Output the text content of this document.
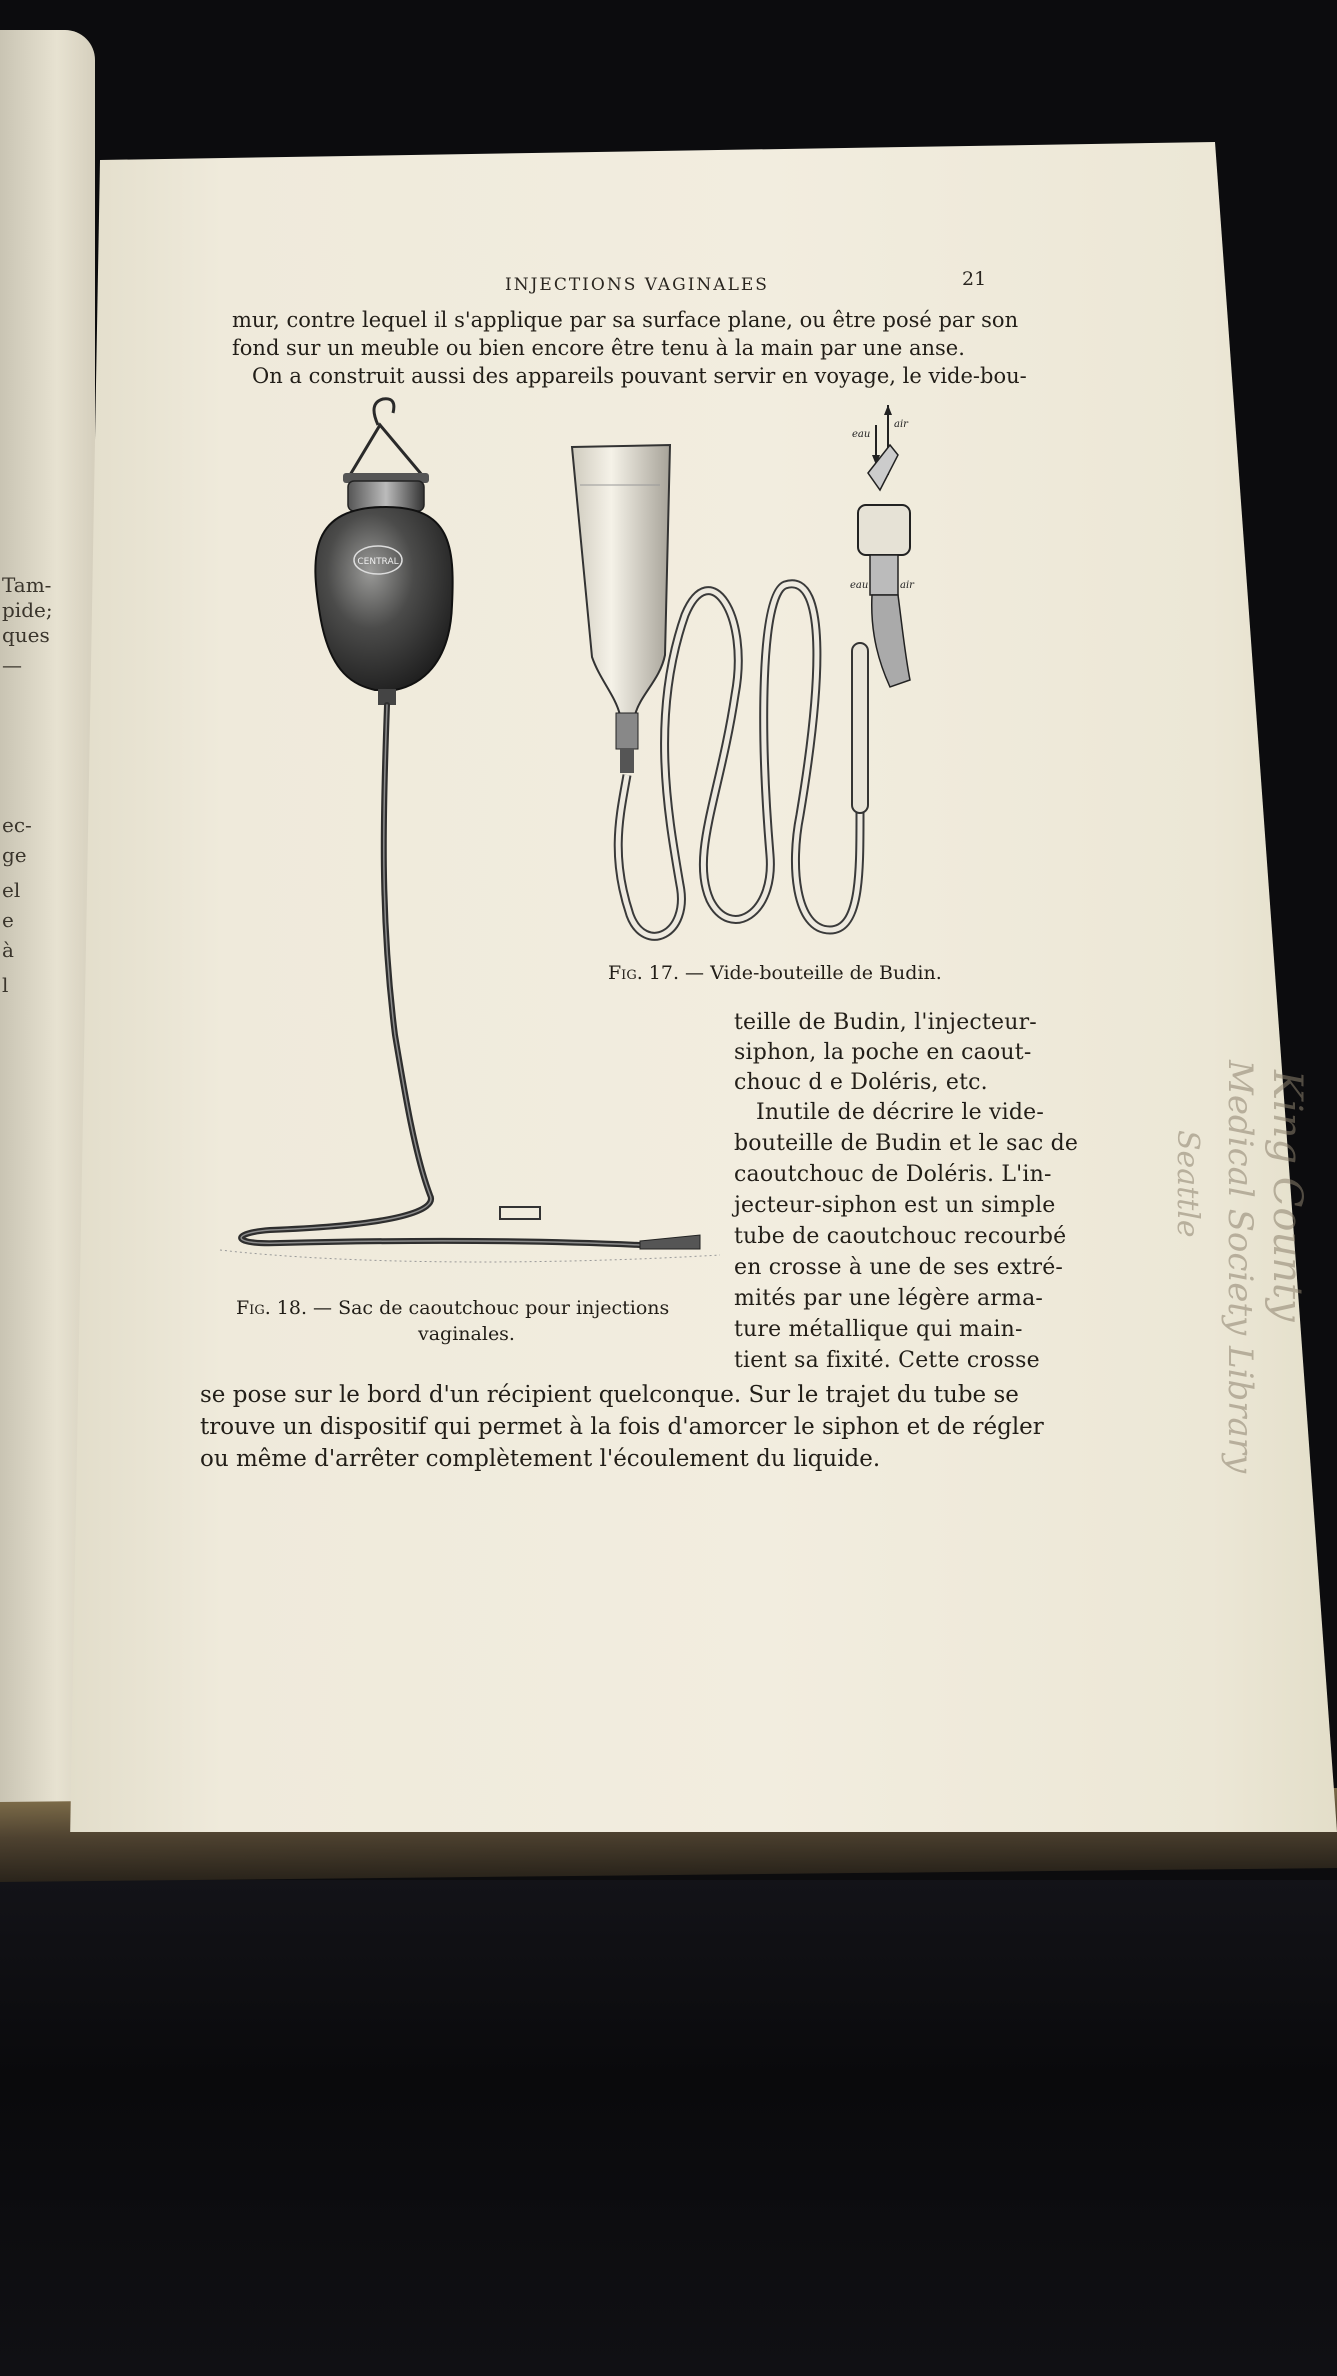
Tam-
pide;
ques
—
ec-
ge
el
e
à
l
INJECTIONS VAGINALES	21
mur, contre lequel il s'applique par sa surface plane, ou être posé par son
fond sur un meuble ou bien encore être tenu à la main par une anse.
On a construit aussi des appareils pouvant servir en voyage, le vide-bou-
CENTRAL
eau
air
eau	air
Fig. 17. — Vide-bouteille de Budin.
Fig. 18. — Sac de caoutchouc pour injections
vaginales.
teille de Budin, l'injecteur-
siphon, la poche en caout-
chouc d e Doléris, etc.
Inutile de décrire le vide-
bouteille de Budin et le sac de
caoutchouc de Doléris. L'in-
jecteur-siphon est un simple
tube de caoutchouc recourbé
en crosse à une de ses extré-
mités par une légère arma-
ture métallique qui main-
tient sa fixité. Cette crosse
se pose sur le bord d'un récipient quelconque. Sur le trajet du tube se
trouve un dispositif qui permet à la fois d'amorcer le siphon et de régler
ou même d'arrêter complètement l'écoulement du liquide.
King County
Medical Society Library
Seattle
